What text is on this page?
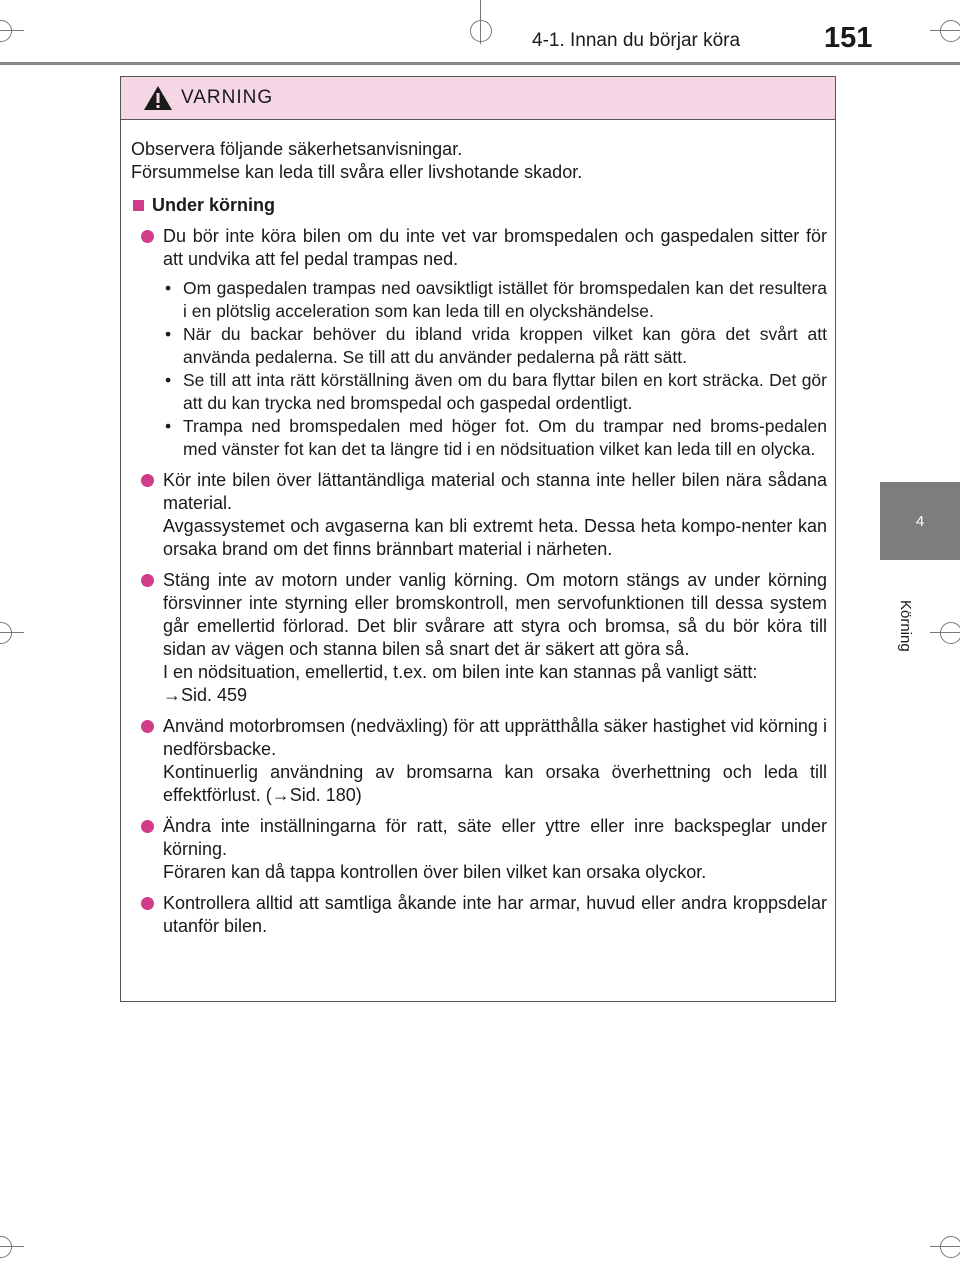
4-1. Innan du börjar köra	151
4
Körning
VARNING

Observera följande säkerhetsanvisningar.

Försummelse kan leda till svåra eller livshotande skador.

Under körning

Du bör inte köra bilen om du inte vet var bromspedalen och gaspedalen sitter för att undvika att fel pedal trampas ned.

• Om gaspedalen trampas ned oavsiktligt istället för bromspedalen kan det resultera i en plötslig acceleration som kan leda till en olyckshändelse.
• När du backar behöver du ibland vrida kroppen vilket kan göra det svårt att använda pedalerna. Se till att du använder pedalerna på rätt sätt.
• Se till att inta rätt körställning även om du bara flyttar bilen en kort sträcka. Det gör att du kan trycka ned bromspedal och gaspedal ordentligt.
• Trampa ned bromspedalen med höger fot. Om du trampar ned broms-pedalen med vänster fot kan det ta längre tid i en nödsituation vilket kan leda till en olycka.

Kör inte bilen över lättantändliga material och stanna inte heller bilen nära sådana material.

Avgassystemet och avgaserna kan bli extremt heta. Dessa heta kompo-nenter kan orsaka brand om det finns brännbart material i närheten.

Stäng inte av motorn under vanlig körning. Om motorn stängs av under körning försvinner inte styrning eller bromskontroll, men servofunktionen till dessa system går emellertid förlorad. Det blir svårare att styra och bromsa, så du bör köra till sidan av vägen och stanna bilen så snart det är säkert att göra så.

I en nödsituation, emellertid, t.ex. om bilen inte kan stannas på vanligt sätt:

→Sid. 459

Använd motorbromsen (nedväxling) för att upprätthålla säker hastighet vid körning i nedförsbacke.

Kontinuerlig användning av bromsarna kan orsaka överhettning och leda till effektförlust. (→Sid. 180)

Ändra inte inställningarna för ratt, säte eller yttre eller inre backspeglar under körning.

Föraren kan då tappa kontrollen över bilen vilket kan orsaka olyckor.

Kontrollera alltid att samtliga åkande inte har armar, huvud eller andra kroppsdelar utanför bilen.
